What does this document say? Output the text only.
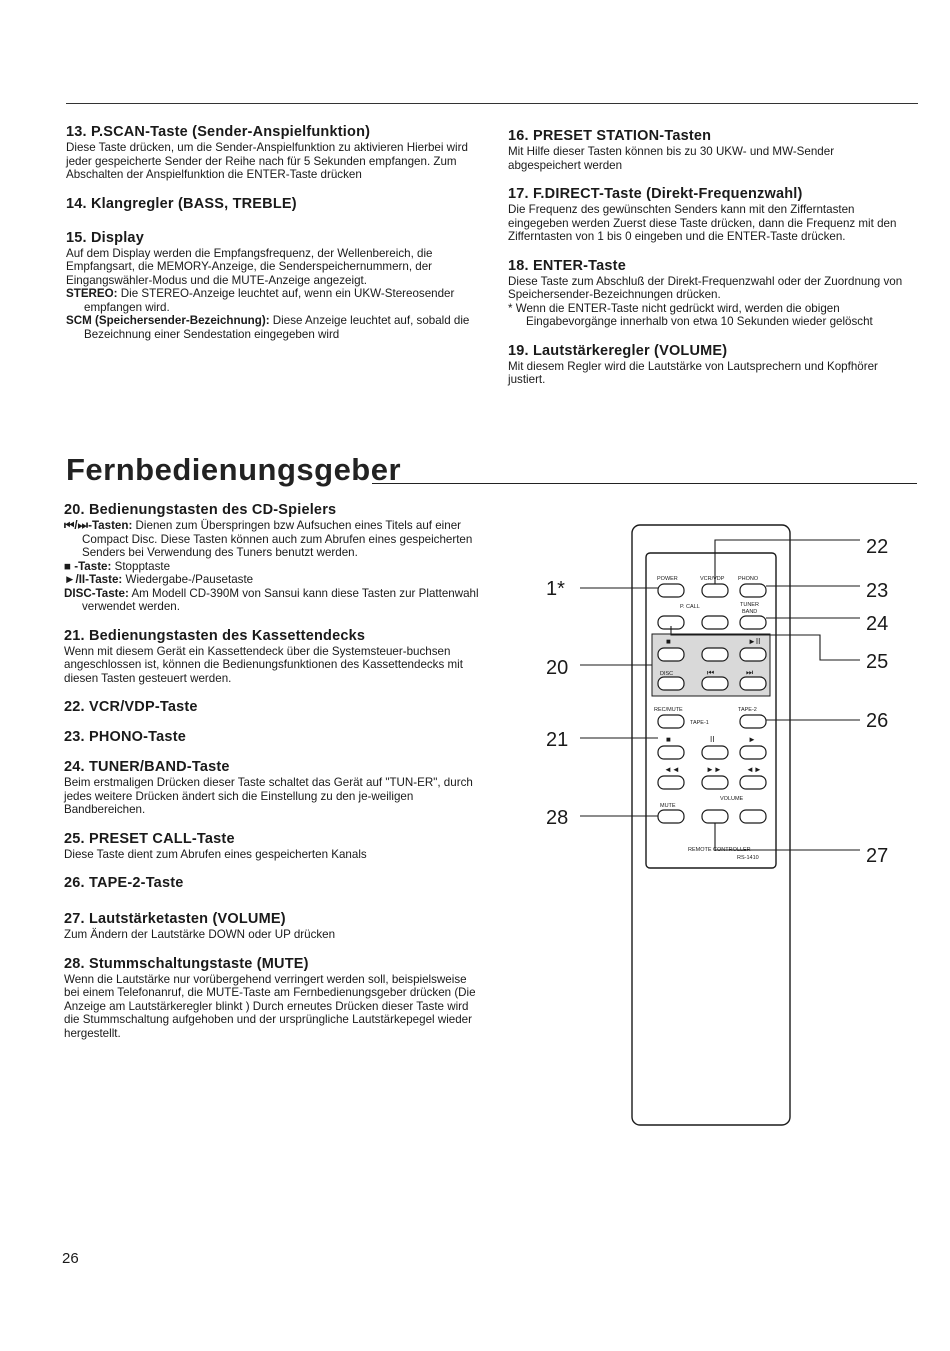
13. P.SCAN-Taste (Sender-Anspielfunktion)

Diese Taste drücken, um die Sender-Anspielfunktion zu aktivieren Hierbei wird jeder gespeicherte Sender der Reihe nach für 5 Sekunden empfangen. Zum Abschalten der Anspielfunktion die ENTER-Taste drücken

14. Klangregler (BASS, TREBLE)
15. Display

Auf dem Display werden die Empfangsfrequenz, der Wellenbereich, die Empfangsart, die MEMORY-Anzeige, die Senderspeichernummern, der Eingangswähler-Modus und die MUTE-Anzeige angezeigt.

STEREO: Die STEREO-Anzeige leuchtet auf, wenn ein UKW-Stereosender empfangen wird.

SCM (Speichersender-Bezeichnung): Diese Anzeige leuchtet auf, sobald die Bezeichnung einer Sendestation eingegeben wird

16. PRESET STATION-Tasten

Mit Hilfe dieser Tasten können bis zu 30 UKW- und MW-Sender abgespeichert werden

17. F.DIRECT-Taste (Direkt-Frequenzwahl)

Die Frequenz des gewünschten Senders kann mit den Zifferntasten eingegeben werden Zuerst diese Taste drücken, dann die Frequenz mit den Zifferntasten von 1 bis 0 eingeben und die ENTER-Taste drücken.

18. ENTER-Taste

Diese Taste zum Abschluß der Direkt-Frequenzwahl oder der Zuordnung von Speichersender-Bezeichnungen drücken.

* Wenn die ENTER-Taste nicht gedrückt wird, werden die obigen Eingabevorgänge innerhalb von etwa 10 Sekunden wieder gelöscht

19. Lautstärkeregler (VOLUME)

Mit diesem Regler wird die Lautstärke von Lautsprechern und Kopfhörer justiert.

Fernbedienungsgeber
20. Bedienungstasten des CD-Spielers

⏮/⏭-Tasten: Dienen zum Überspringen bzw Aufsuchen eines Titels auf einer Compact Disc. Diese Tasten können auch zum Abrufen eines gespeicherten Senders bei Verwendung des Tuners benutzt werden.

■ -Taste: Stopptaste

►/II-Taste: Wiedergabe-/Pausetaste

DISC-Taste: Am Modell CD-390M von Sansui kann diese Tasten zur Plattenwahl verwendet werden.

21. Bedienungstasten des Kassettendecks

Wenn mit diesem Gerät ein Kassettendeck über die Systemsteuer-buchsen angeschlossen ist, können die Bedienungsfunktionen des Kassettendecks mit diesen Tasten gesteuert werden.

22. VCR/VDP-Taste
23. PHONO-Taste
24. TUNER/BAND-Taste

Beim erstmaligen Drücken dieser Taste schaltet das Gerät auf "TUN-ER", durch jedes weitere Drücken ändert sich die Einstellung zu den je-weiligen Bandbereichen.

25. PRESET CALL-Taste

Diese Taste dient zum Abrufen eines gespeicherten Kanals

26. TAPE-2-Taste
27. Lautstärketasten (VOLUME)

Zum Ändern der Lautstärke DOWN oder UP drücken

28. Stummschaltungstaste (MUTE)

Wenn die Lautstärke nur vorübergehend verringert werden soll, beispielsweise bei einem Telefonanruf, die MUTE-Taste am Fernbedienungsgeber drücken (Die Anzeige am Lautstärkeregler blinkt ) Durch erneutes Drücken dieser Taste wird die Stummschaltung aufgehoben und der ursprüngliche Lautstärkepegel wieder hergestellt.

POWER	VCR/VDP PHONO
P. CALL	TUNER
BAND
DISC
REC/MUTE
TAPE-1
TAPE-2
VOLUME
MUTE
REMOTE CONTROLLER
RS-1410
■	►II
⏮	⏭
■	II	►
◄◄	►►	◄►
22
23
24
25
26
27
1*
20
21
28
26
